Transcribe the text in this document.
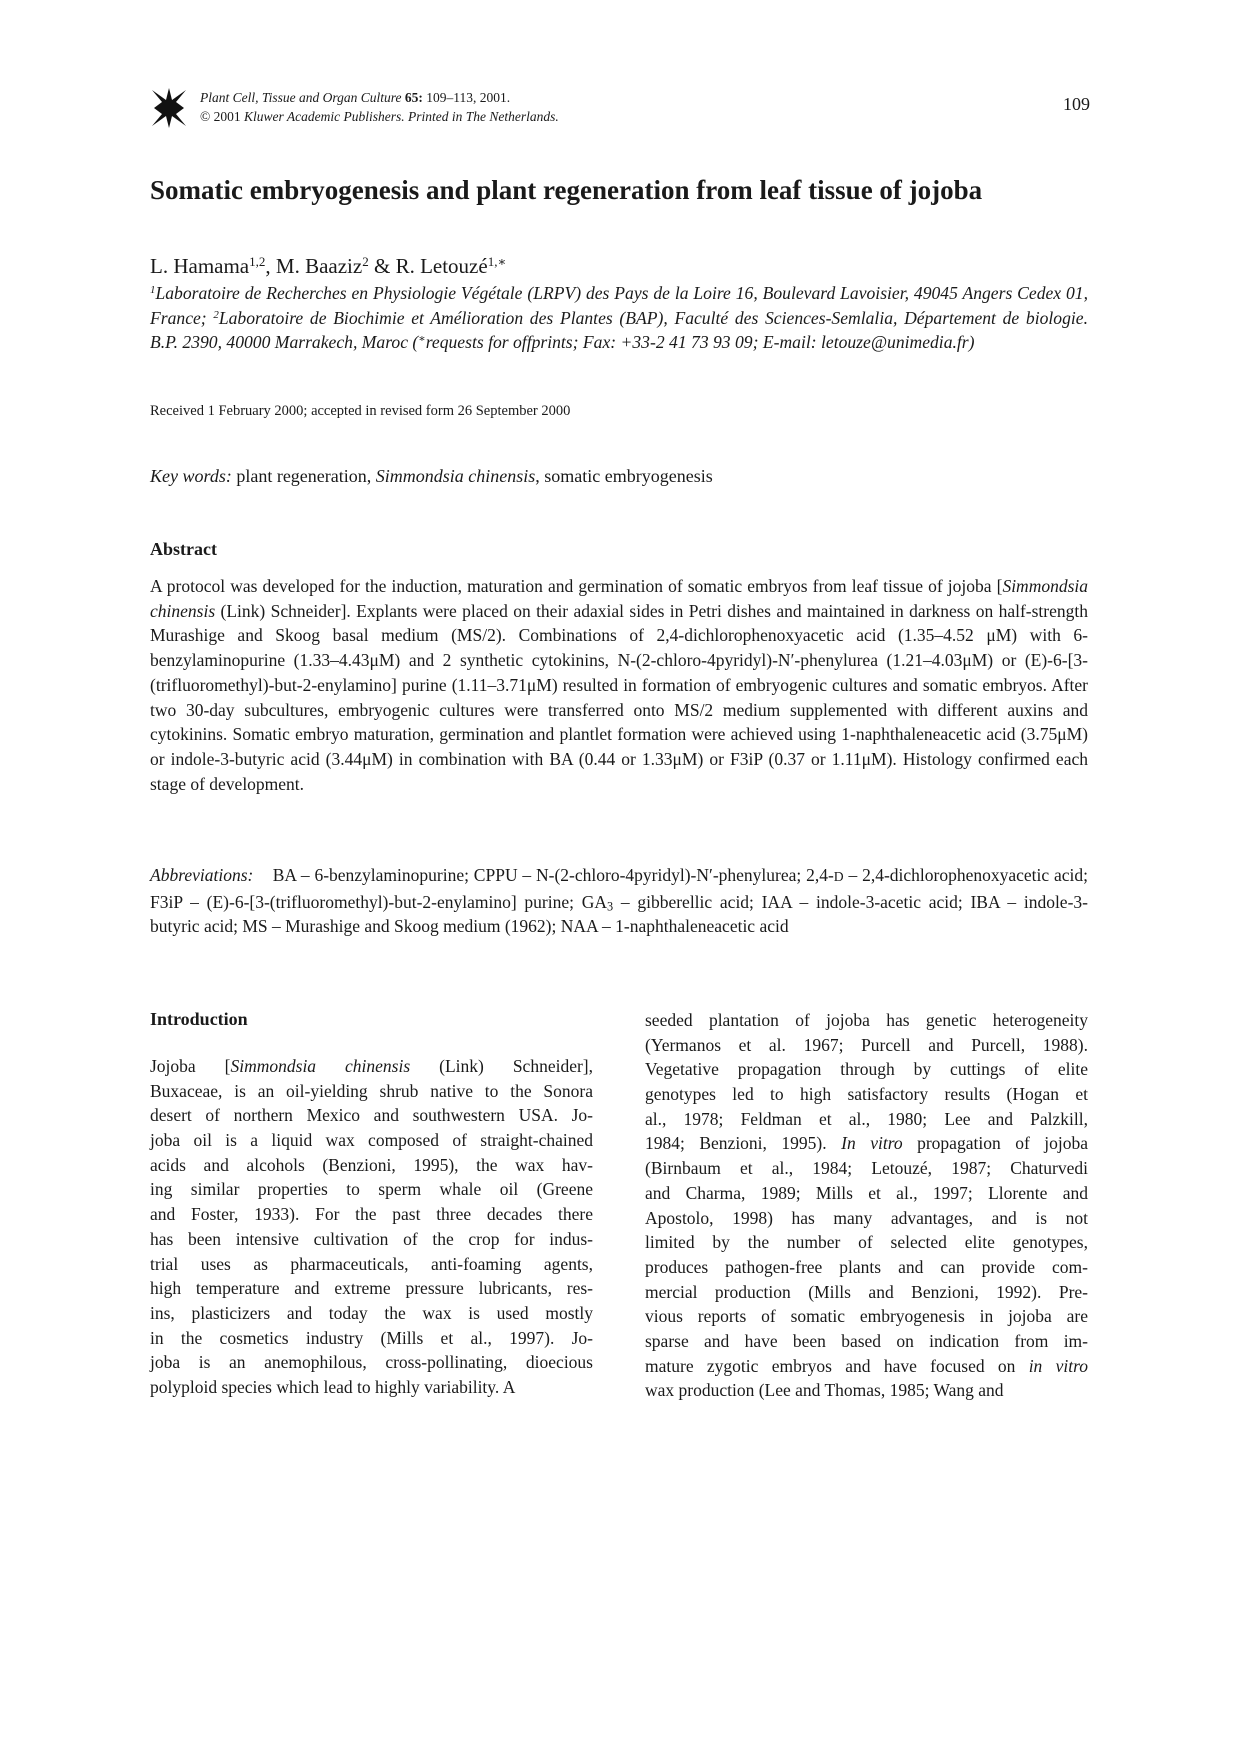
Plant Cell, Tissue and Organ Culture 65: 109–113, 2001.
© 2001 Kluwer Academic Publishers. Printed in The Netherlands.
109
Somatic embryogenesis and plant regeneration from leaf tissue of jojoba
L. Hamama$^{1,2}$, M. Baaziz$^2$ & R. Letouzé$^{1,∗}$
$^1$Laboratoire de Recherches en Physiologie Végétale (LRPV) des Pays de la Loire 16, Boulevard Lavoisier, 49045 Angers Cedex 01, France; $^2$Laboratoire de Biochimie et Amélioration des Plantes (BAP), Faculté des Sciences-Semlalia, Département de biologie. B.P. 2390, 40000 Marrakech, Maroc (∗requests for offprints; Fax: +33-2 41 73 93 09; E-mail: letouze@unimedia.fr)
Received 1 February 2000; accepted in revised form 26 September 2000
Key words: plant regeneration, Simmondsia chinensis, somatic embryogenesis
Abstract
A protocol was developed for the induction, maturation and germination of somatic embryos from leaf tissue of jojoba [Simmondsia chinensis (Link) Schneider]. Explants were placed on their adaxial sides in Petri dishes and maintained in darkness on half-strength Murashige and Skoog basal medium (MS/2). Combinations of 2,4-dichlorophenoxyacetic acid (1.35–4.52 μM) with 6-benzylaminopurine (1.33–4.43μM) and 2 synthetic cytokinins, N-(2-chloro-4pyridyl)-N′-phenylurea (1.21–4.03μM) or (E)-6-[3-(trifluoromethyl)-but-2-enylamino] purine (1.11–3.71μM) resulted in formation of embryogenic cultures and somatic embryos. After two 30-day subcultures, embryogenic cultures were transferred onto MS/2 medium supplemented with different auxins and cytokinins. Somatic embryo maturation, germination and plantlet formation were achieved using 1-naphthaleneacetic acid (3.75μM) or indole-3-butyric acid (3.44μM) in combination with BA (0.44 or 1.33μM) or F3iP (0.37 or 1.11μM). Histology confirmed each stage of development.
Abbreviations: BA – 6-benzylaminopurine; CPPU – N-(2-chloro-4pyridyl)-N′-phenylurea; 2,4-D – 2,4-dichlorophenoxyacetic acid; F3iP – (E)-6-[3-(trifluoromethyl)-but-2-enylamino] purine; $GA_3$ – gibberellic acid; IAA – indole-3-acetic acid; IBA – indole-3-butyric acid; MS – Murashige and Skoog medium (1962); NAA – 1-naphthaleneacetic acid
Introduction
Jojoba [Simmondsia chinensis (Link) Schneider],
Buxaceae, is an oil-yielding shrub native to the Sonora
desert of northern Mexico and southwestern USA. Jo-
joba oil is a liquid wax composed of straight-chained
acids and alcohols (Benzioni, 1995), the wax hav-
ing similar properties to sperm whale oil (Greene
and Foster, 1933). For the past three decades there
has been intensive cultivation of the crop for indus-
trial uses as pharmaceuticals, anti-foaming agents,
high temperature and extreme pressure lubricants, res-
ins, plasticizers and today the wax is used mostly
in the cosmetics industry (Mills et al., 1997). Jo-
joba is an anemophilous, cross-pollinating, dioecious
polyploid species which lead to highly variability. A
seeded plantation of jojoba has genetic heterogeneity
(Yermanos et al. 1967; Purcell and Purcell, 1988).
Vegetative propagation through by cuttings of elite
genotypes led to high satisfactory results (Hogan et
al., 1978; Feldman et al., 1980; Lee and Palzkill,
1984; Benzioni, 1995). In vitro propagation of jojoba
(Birnbaum et al., 1984; Letouzé, 1987; Chaturvedi
and Charma, 1989; Mills et al., 1997; Llorente and
Apostolo, 1998) has many advantages, and is not
limited by the number of selected elite genotypes,
produces pathogen-free plants and can provide com-
mercial production (Mills and Benzioni, 1992). Pre-
vious reports of somatic embryogenesis in jojoba are
sparse and have been based on indication from im-
mature zygotic embryos and have focused on in vitro
wax production (Lee and Thomas, 1985; Wang and
